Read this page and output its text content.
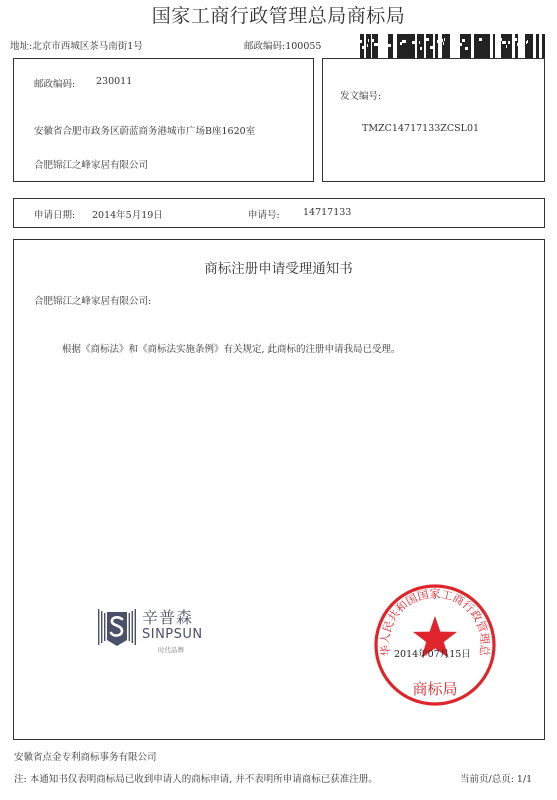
国家工商行政管理总局商标局
地址:北京市西城区茶马南街1号	邮政编码:100055
邮政编码: 230011
安徽省合肥市政务区蔚蓝商务港城市广场B座1620室
合肥锦江之峰家居有限公司
发文编号:
TMZC14717133ZCSL01
申请日期: 2014年5月19日	申请号: 14717133
商标注册申请受理通知书
合肥锦江之峰家居有限公司:
根据《商标法》和《商标法实施条例》有关规定, 此商标的注册申请我局已受理。
辛普森
SINPSUN
时代品牌	华人民共和国国家工商行政管理总
商标局
2014年07月15日
安徽省点金专利商标事务有限公司
注: 本通知书仅表明商标局已收到申请人的商标申请, 并不表明所申请商标已获准注册。	当前页/总页: 1/1
